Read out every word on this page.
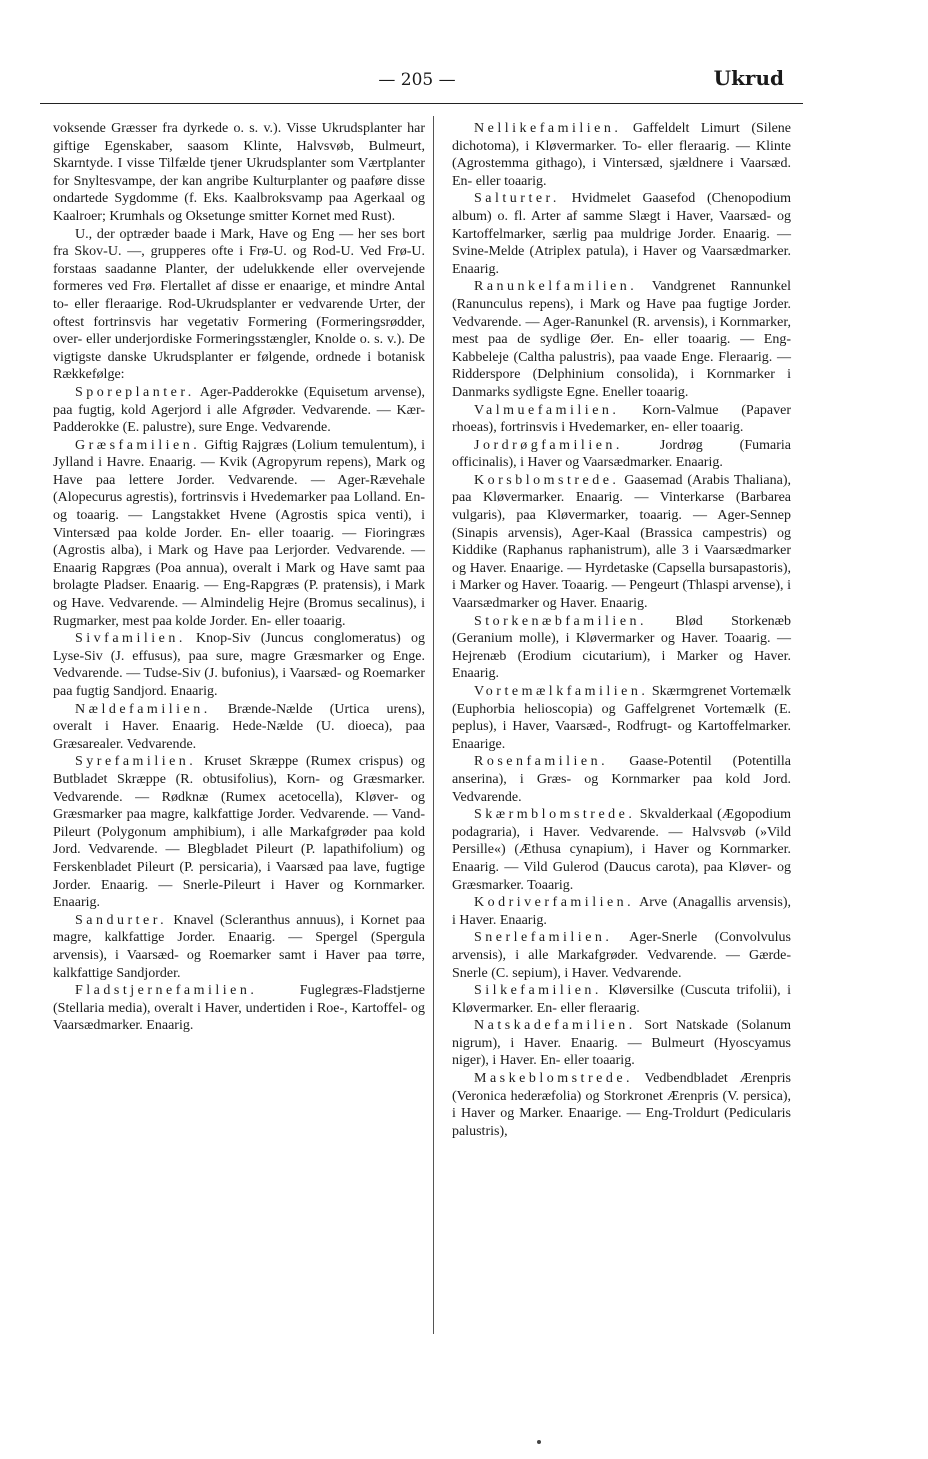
— 205 —	Ukrud

voksende Græsser fra dyrkede o. s. v.). Visse Ukrudsplanter har giftige Egenskaber, saasom Klinte, Halvsvøb, Bulmeurt, Skarntyde. I visse Tilfælde tjener Ukrudsplanter som Værtplanter for Snyltesvampe, der kan angribe Kulturplanter og paaføre disse ondartede Sygdomme (f. Eks. Kaalbroksvamp paa Agerkaal og Kaalroer; Krumhals og Oksetunge smitter Kornet med Rust).

U., der optræder baade i Mark, Have og Eng — her ses bort fra Skov-U. —, grupperes ofte i Frø-U. og Rod-U. Ved Frø-U. forstaas saadanne Planter, der udelukkende eller overvejende formeres ved Frø. Flertallet af disse er enaarige, et mindre Antal to- eller fleraarige. Rod-Ukrudsplanter er vedvarende Urter, der oftest fortrinsvis har vegetativ Formering (Formeringsrødder, over- eller underjordiske Formeringsstængler, Knolde o. s. v.). De vigtigste danske Ukrudsplanter er følgende, ordnede i botanisk Rækkefølge:

Sporeplanter. Ager-Padderokke (Equisetum arvense), paa fugtig, kold Agerjord i alle Afgrøder. Vedvarende. — Kær-Padderokke (E. palustre), sure Enge. Vedvarende.

Græsfamilien. Giftig Rajgræs (Lolium temulentum), i Jylland i Havre. Enaarig. — Kvik (Agropyrum repens), Mark og Have paa lettere Jorder. Vedvarende. — Ager-Rævehale (Alopecurus agrestis), fortrinsvis i Hvedemarker paa Lolland. En- og toaarig. — Langstakket Hvene (Agrostis spica venti), i Vintersæd paa kolde Jorder. En- eller toaarig. — Fioringræs (Agrostis alba), i Mark og Have paa Lerjorder. Vedvarende. — Enaarig Rapgræs (Poa annua), overalt i Mark og Have samt paa brolagte Pladser. Enaarig. — Eng-Rapgræs (P. pratensis), i Mark og Have. Vedvarende. — Almindelig Hejre (Bromus secalinus), i Rugmarker, mest paa kolde Jorder. En- eller toaarig.

Sivfamilien. Knop-Siv (Juncus conglomeratus) og Lyse-Siv (J. effusus), paa sure, magre Græsmarker og Enge. Vedvarende. — Tudse-Siv (J. bufonius), i Vaarsæd- og Roemarker paa fugtig Sandjord. Enaarig.

Nældefamilien. Brænde-Nælde (Urtica urens), overalt i Haver. Enaarig. Hede-Nælde (U. dioeca), paa Græsarealer. Vedvarende.

Syrefamilien. Kruset Skræppe (Rumex crispus) og Butbladet Skræppe (R. obtusifolius), Korn- og Græsmarker. Vedvarende. — Rødknæ (Rumex acetocella), Kløver- og Græsmarker paa magre, kalkfattige Jorder. Vedvarende. — Vand-Pileurt (Polygonum amphibium), i alle Markafgrøder paa kold Jord. Vedvarende. — Blegbladet Pileurt (P. lapathifolium) og Ferskenbladet Pileurt (P. persicaria), i Vaarsæd paa lave, fugtige Jorder. Enaarig. — Snerle-Pileurt i Haver og Kornmarker. Enaarig.

Sandurter. Knavel (Scleranthus annuus), i Kornet paa magre, kalkfattige Jorder. Enaarig. — Spergel (Spergula arvensis), i Vaarsæd- og Roemarker samt i Haver paa tørre, kalkfattige Sandjorder.

Fladstjernefamilien.	Fuglegræs-Fladstjerne (Stellaria media), overalt i Haver, undertiden i Roe-, Kartoffel- og Vaarsædmarker. Enaarig.

Nellikefamilien. Gaffeldelt Limurt (Silene dichotoma), i Kløvermarker. To- eller fleraarig. — Klinte (Agrostemma githago), i Vintersæd, sjældnere i Vaarsæd. En- eller toaarig.

Salturter. Hvidmelet Gaasefod (Chenopodium album) o. fl. Arter af samme Slægt i Haver, Vaarsæd- og Kartoffelmarker, særlig paa muldrige Jorder. Enaarig. — Svine-Melde (Atriplex patula), i Haver og Vaarsædmarker. Enaarig.

Ranunkelfamilien. Vandgrenet Rannunkel (Ranunculus repens), i Mark og Have paa fugtige Jorder. Vedvarende. — Ager-Ranunkel (R. arvensis), i Kornmarker, mest paa de sydlige Øer. En- eller toaarig. — Eng-Kabbeleje (Caltha palustris), paa vaade Enge. Fleraarig. — Ridderspore (Delphinium consolida), i Kornmarker i Danmarks sydligste Egne. Eneller toaarig.

Valmuefamilien. Korn-Valmue (Papaver rhoeas), fortrinsvis i Hvedemarker, en- eller toaarig.

Jordrøgfamilien.	Jordrøg (Fumaria officinalis), i Haver og Vaarsædmarker. Enaarig.

Korsblomstrede. Gaasemad (Arabis Thaliana), paa Kløvermarker. Enaarig. — Vinterkarse (Barbarea vulgaris), paa Kløvermarker, toaarig. — Ager-Sennep (Sinapis arvensis), Ager-Kaal (Brassica campestris) og Kiddike (Raphanus raphanistrum), alle 3 i Vaarsædmarker og Haver. Enaarige. — Hyrdetaske (Capsella bursapastoris), i Marker og Haver. Toaarig. — Pengeurt (Thlaspi arvense), i Vaarsædmarker og Haver. Enaarig.

Storkenæbfamilien. Blød Storkenæb (Geranium molle), i Kløvermarker og Haver. Toaarig. — Hejrenæb (Erodium cicutarium), i Marker og Haver. Enaarig.

Vortemælkfamilien. Skærmgrenet Vortemælk (Euphorbia helioscopia) og Gaffelgrenet Vortemælk (E. peplus), i Haver, Vaarsæd-, Rodfrugt- og Kartoffelmarker. Enaarige.

Rosenfamilien. Gaase-Potentil (Potentilla anserina), i Græs- og Kornmarker paa kold Jord. Vedvarende.

Skærmblomstrede. Skvalderkaal (Ægopodium podagraria), i Haver. Vedvarende. — Halvsvøb (»Vild Persille«) (Æthusa cynapium), i Haver og Kornmarker. Enaarig. — Vild Gulerod (Daucus carota), paa Kløver- og Græsmarker. Toaarig.

Kodriverfamilien. Arve (Anagallis arvensis), i Haver. Enaarig.

Snerlefamilien. Ager-Snerle (Convolvulus arvensis), i alle Markafgrøder. Vedvarende. — Gærde-Snerle (C. sepium), i Haver. Vedvarende.

Silkefamilien. Kløversilke (Cuscuta trifolii), i Kløvermarker. En- eller fleraarig.

Natskadefamilien. Sort Natskade (Solanum nigrum), i Haver. Enaarig. — Bulmeurt (Hyoscyamus niger), i Haver. En- eller toaarig.

Maskeblomstrede. Vedbendbladet Ærenpris (Veronica hederæfolia) og Storkronet Ærenpris (V. persica), i Haver og Marker. Enaarige. — Eng-Troldurt (Pedicularis palustris),
